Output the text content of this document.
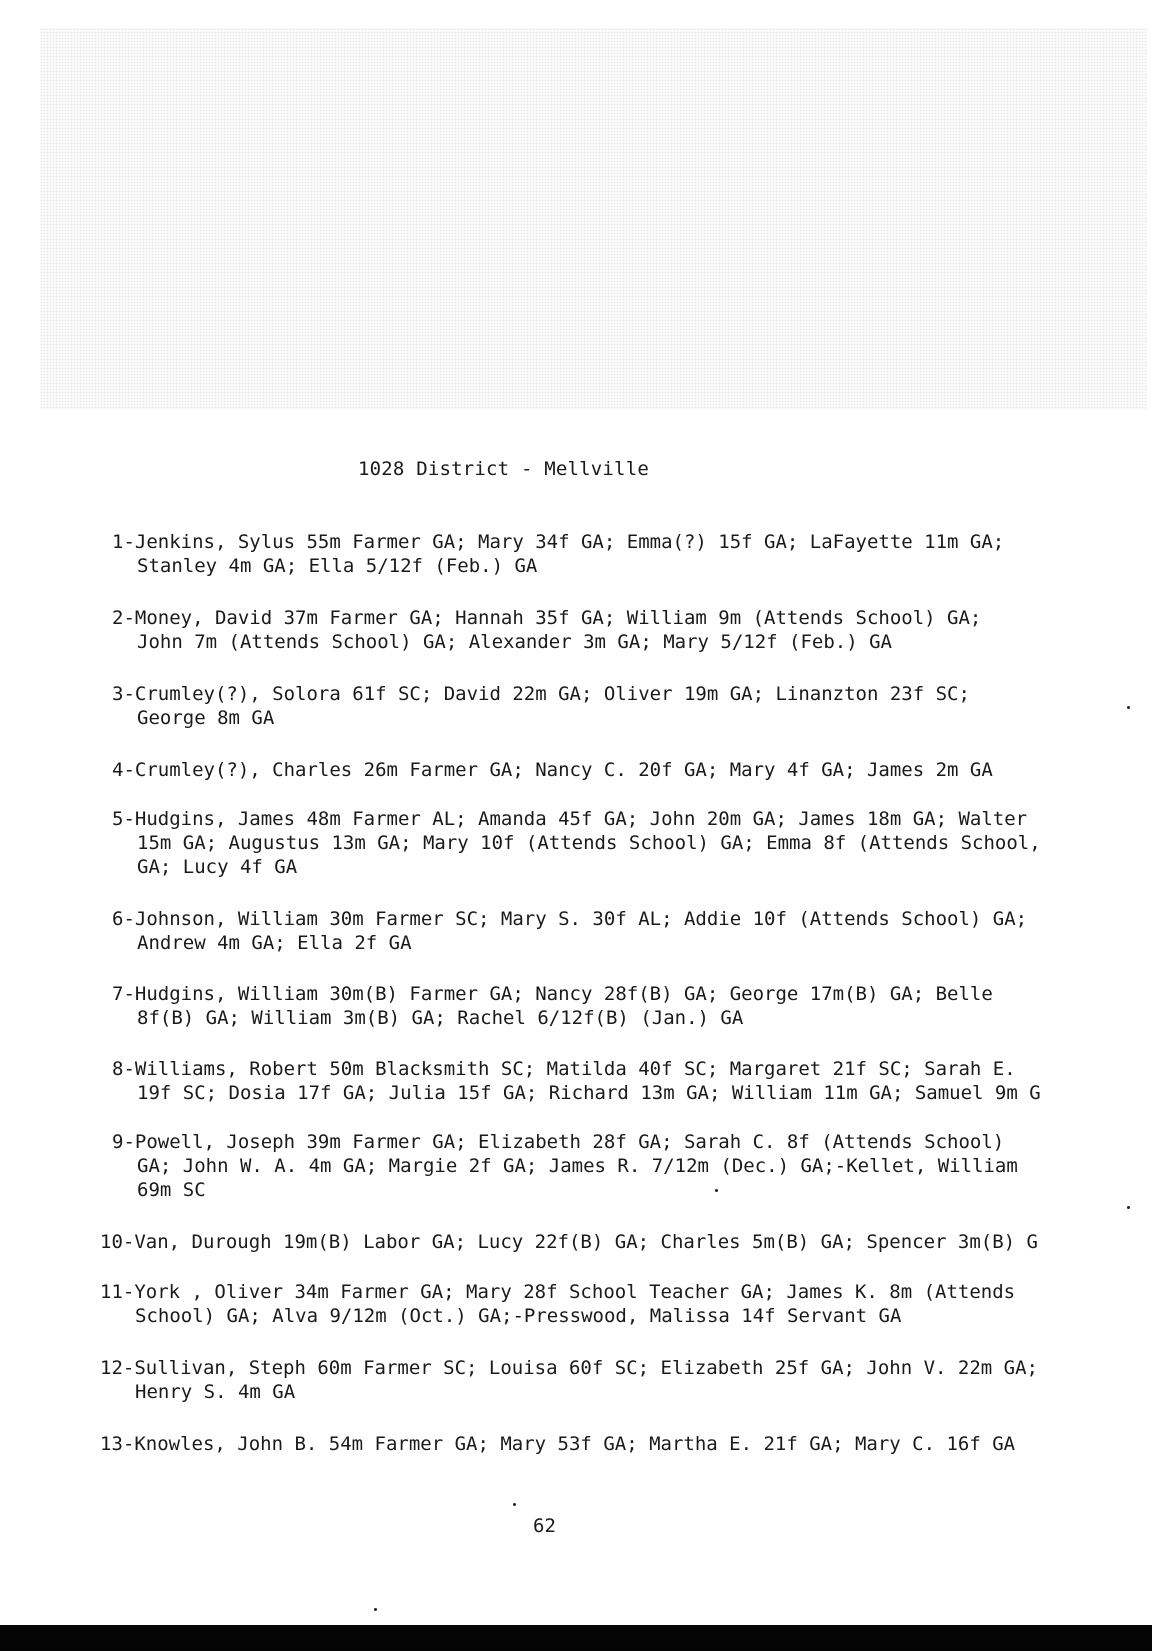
1028 District - Mellville
1-Jenkins, Sylus 55m Farmer GA; Mary 34f GA; Emma(?) 15f GA; LaFayette 11m GA;
Stanley 4m GA; Ella 5/12f (Feb.) GA
2-Money, David 37m Farmer GA; Hannah 35f GA; William 9m (Attends School) GA;
John 7m (Attends School) GA; Alexander 3m GA; Mary 5/12f (Feb.) GA
3-Crumley(?), Solora 61f SC; David 22m GA; Oliver 19m GA; Linanzton 23f SC;
George 8m GA
4-Crumley(?), Charles 26m Farmer GA; Nancy C. 20f GA; Mary 4f GA; James 2m GA
5-Hudgins, James 48m Farmer AL; Amanda 45f GA; John 20m GA; James 18m GA; Walter
15m GA; Augustus 13m GA; Mary 10f (Attends School) GA; Emma 8f (Attends School,
GA; Lucy 4f GA
6-Johnson, William 30m Farmer SC; Mary S. 30f AL; Addie 10f (Attends School) GA;
Andrew 4m GA; Ella 2f GA
7-Hudgins, William 30m(B) Farmer GA; Nancy 28f(B) GA; George 17m(B) GA; Belle
8f(B) GA; William 3m(B) GA; Rachel 6/12f(B) (Jan.) GA
8-Williams, Robert 50m Blacksmith SC; Matilda 40f SC; Margaret 21f SC; Sarah E.
19f SC; Dosia 17f GA; Julia 15f GA; Richard 13m GA; William 11m GA; Samuel 9m G
9-Powell, Joseph 39m Farmer GA; Elizabeth 28f GA; Sarah C. 8f (Attends School)
GA; John W. A. 4m GA; Margie 2f GA; James R. 7/12m (Dec.) GA;-Kellet, William
69m SC
10-Van, Durough 19m(B) Labor GA; Lucy 22f(B) GA; Charles 5m(B) GA; Spencer 3m(B) G
11-York , Oliver 34m Farmer GA; Mary 28f School Teacher GA; James K. 8m (Attends
School) GA; Alva 9/12m (Oct.) GA;-Presswood, Malissa 14f Servant GA
12-Sullivan, Steph 60m Farmer SC; Louisa 60f SC; Elizabeth 25f GA; John V. 22m GA;
Henry S. 4m GA
13-Knowles, John B. 54m Farmer GA; Mary 53f GA; Martha E. 21f GA; Mary C. 16f GA
62
